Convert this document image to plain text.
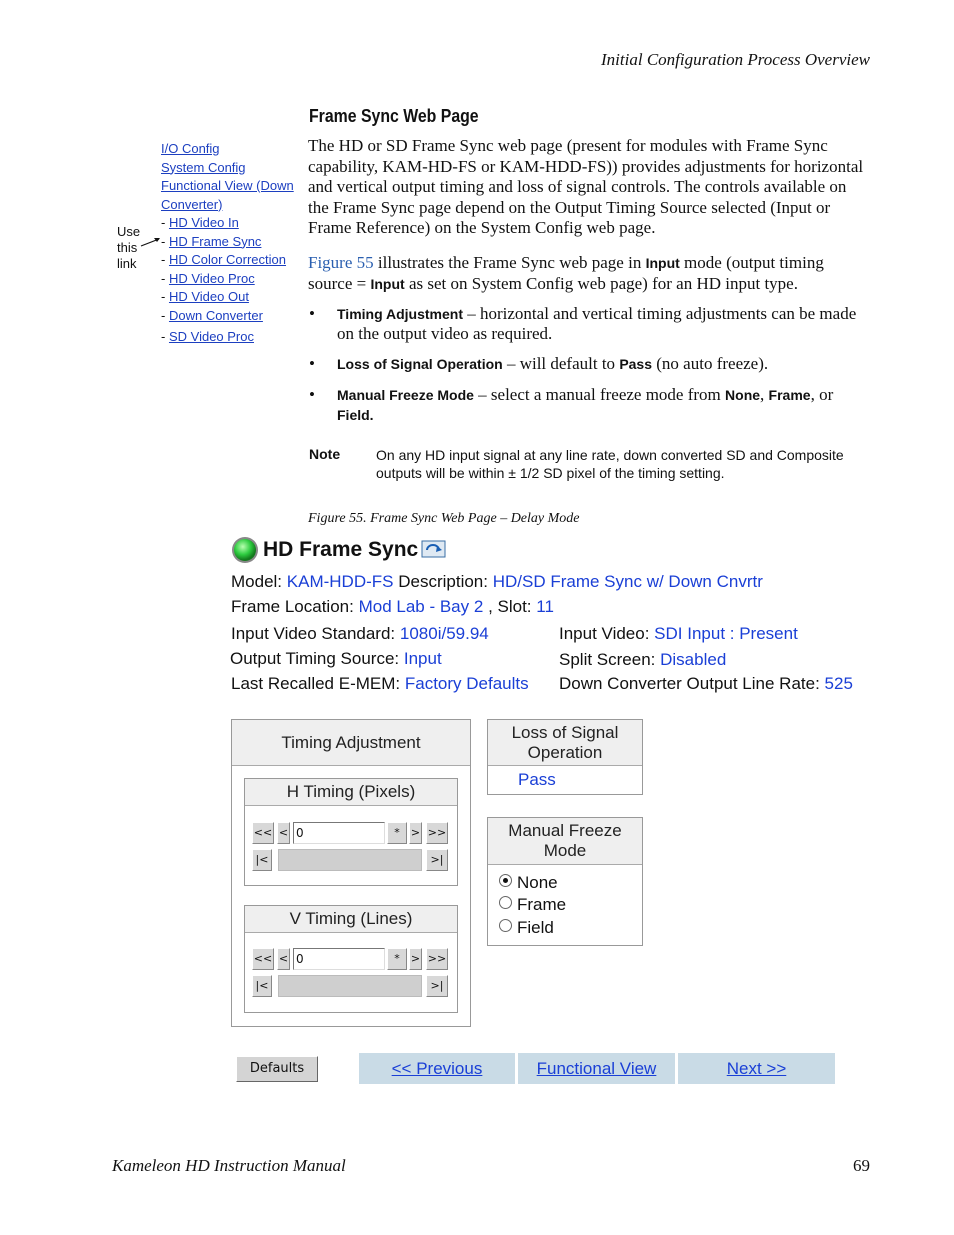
Initial Configuration Process Overview
I/O Config
System Config
Functional View (Down
Converter)
- HD Video In
- HD Frame Sync
- HD Color Correction
- HD Video Proc
- HD Video Out
- Down Converter
- SD Video Proc
Use
this
link
Frame Sync Web Page
The HD or SD Frame Sync web page (present for modules with Frame Sync capability, KAM-HD-FS or KAM-HDD-FS)) provides adjustments for horizontal and vertical output timing and loss of signal controls. The controls available on the Frame Sync page depend on the Output Timing Source selected (Input or Frame Reference) on the System Config web page.
Figure 55 illustrates the Frame Sync web page in Input mode (output timing source = Input as set on System Config web page) for an HD input type.
• Timing Adjustment – horizontal and vertical timing adjustments can be made on the output video as required.
• Loss of Signal Operation – will default to Pass (no auto freeze).
• Manual Freeze Mode – select a manual freeze mode from None, Frame, or Field.
Note	On any HD input signal at any line rate, down converted SD and Composite outputs will be within ± 1/2 SD pixel of the timing setting.
Figure 55. Frame Sync Web Page – Delay Mode
HD Frame Sync
Model: KAM-HDD-FS Description: HD/SD Frame Sync w/ Down Cnvrtr
Frame Location: Mod Lab - Bay 2 , Slot: 11
Input Video Standard: 1080i/59.94	Input Video: SDI Input : Present
Output Timing Source: Input	Split Screen: Disabled
Last Recalled E-MEM: Factory Defaults Down Converter Output Line Rate: 525
Timing Adjustment
H Timing (Pixels)
<< < 0	*	> >>
|<	>|
V Timing (Lines)
<< < 0	*	> >>
|<	>|
Loss of Signal Operation
Pass
Manual Freeze Mode
None
Frame
Field
Defaults	<< Previous	Functional View	Next >>
Kameleon HD Instruction Manual	69
